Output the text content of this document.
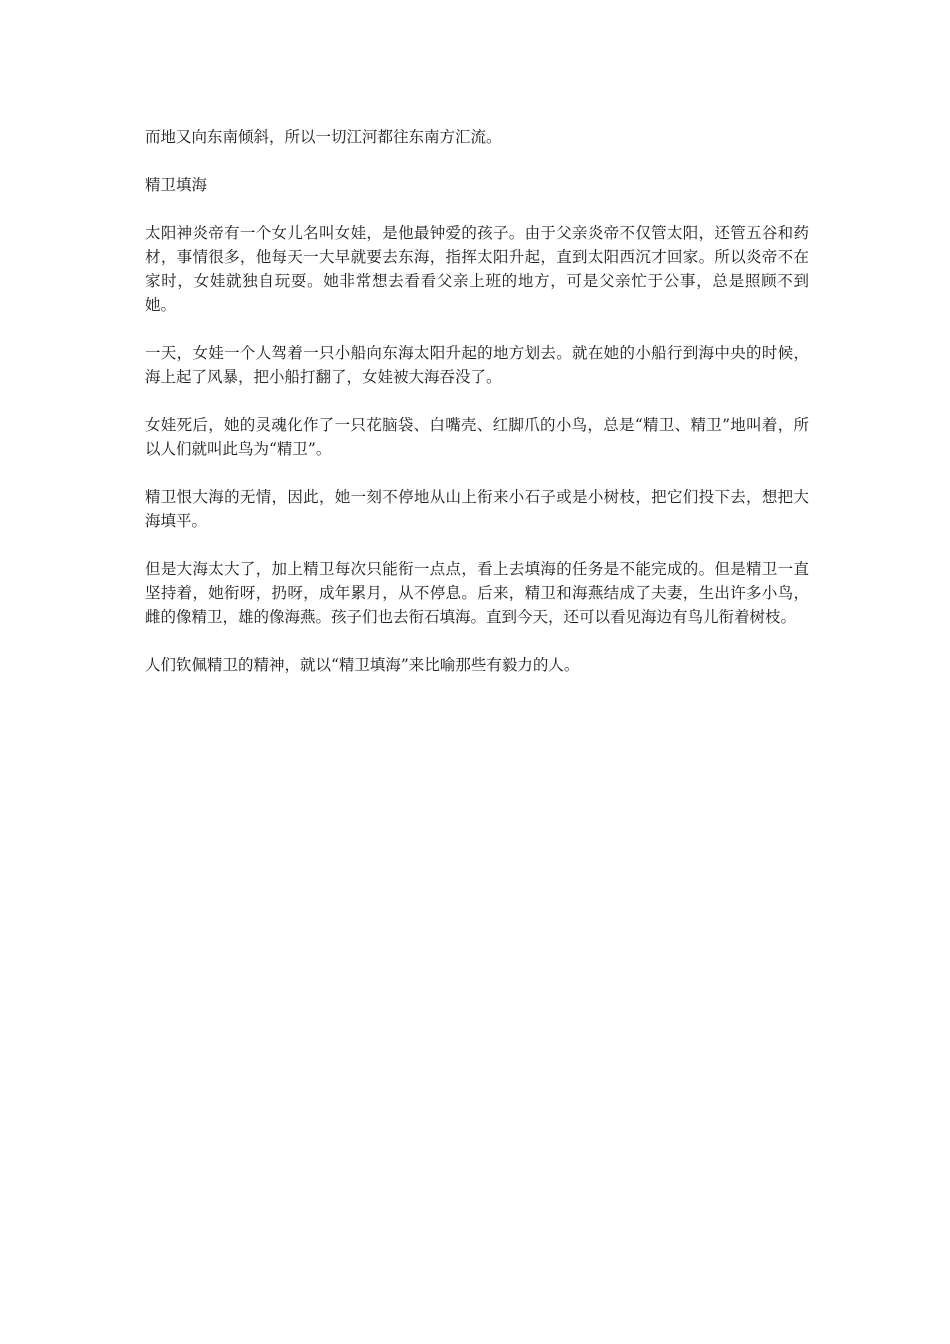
而地又向东南倾斜，所以一切江河都往东南方汇流。

精卫填海

太阳神炎帝有一个女儿名叫女娃，是他最钟爱的孩子。由于父亲炎帝不仅管太阳，还管五谷和药材，事情很多，他每天一大早就要去东海，指挥太阳升起，直到太阳西沉才回家。所以炎帝不在家时，女娃就独自玩耍。她非常想去看看父亲上班的地方，可是父亲忙于公事，总是照顾不到她。

一天，女娃一个人驾着一只小船向东海太阳升起的地方划去。就在她的小船行到海中央的时候，海上起了风暴，把小船打翻了，女娃被大海吞没了。

女娃死后，她的灵魂化作了一只花脑袋、白嘴壳、红脚爪的小鸟，总是“精卫、精卫”地叫着，所以人们就叫此鸟为“精卫”。

精卫恨大海的无情，因此，她一刻不停地从山上衔来小石子或是小树枝，把它们投下去，想把大海填平。

但是大海太大了，加上精卫每次只能衔一点点，看上去填海的任务是不能完成的。但是精卫一直坚持着，她衔呀，扔呀，成年累月，从不停息。后来，精卫和海燕结成了夫妻，生出许多小鸟，雌的像精卫，雄的像海燕。孩子们也去衔石填海。直到今天，还可以看见海边有鸟儿衔着树枝。

人们钦佩精卫的精神，就以“精卫填海”来比喻那些有毅力的人。
